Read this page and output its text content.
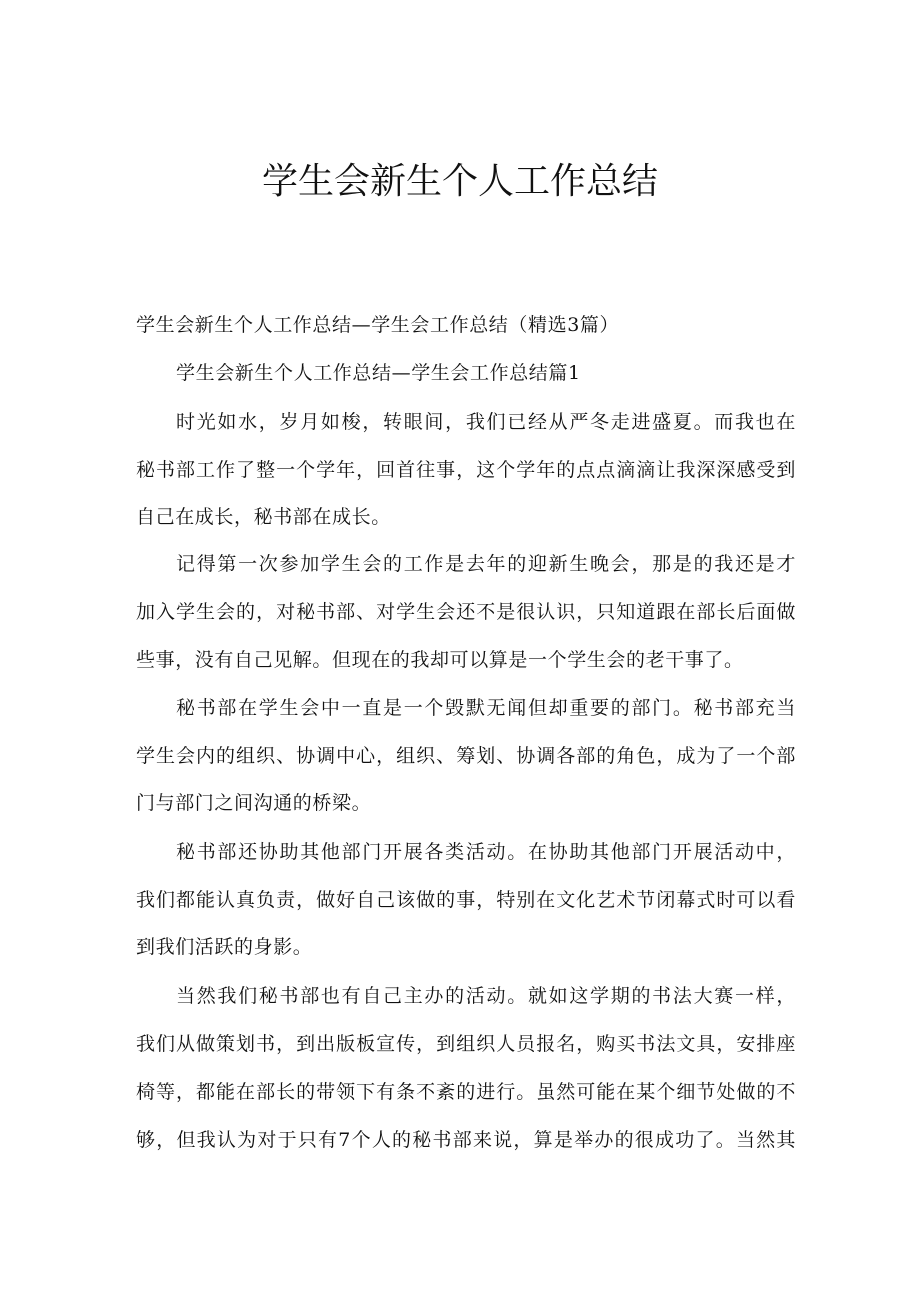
学生会新生个人工作总结
学生会新生个人工作总结—学生会工作总结（精选3篇）
学生会新生个人工作总结—学生会工作总结篇1
时光如水，岁月如梭，转眼间，我们已经从严冬走进盛夏。而我也在
秘书部工作了整一个学年，回首往事，这个学年的点点滴滴让我深深感受到
自己在成长，秘书部在成长。
记得第一次参加学生会的工作是去年的迎新生晚会，那是的我还是才
加入学生会的，对秘书部、对学生会还不是很认识，只知道跟在部长后面做
些事，没有自己见解。但现在的我却可以算是一个学生会的老干事了。
秘书部在学生会中一直是一个毁默无闻但却重要的部门。秘书部充当
学生会内的组织、协调中心，组织、筹划、协调各部的角色，成为了一个部
门与部门之间沟通的桥梁。
秘书部还协助其他部门开展各类活动。在协助其他部门开展活动中，
我们都能认真负责，做好自己该做的事，特别在文化艺术节闭幕式时可以看
到我们活跃的身影。
当然我们秘书部也有自己主办的活动。就如这学期的书法大赛一样，
我们从做策划书，到出版板宣传，到组织人员报名，购买书法文具，安排座
椅等，都能在部长的带领下有条不紊的进行。虽然可能在某个细节处做的不
够，但我认为对于只有7个人的秘书部来说，算是举办的很成功了。当然其
